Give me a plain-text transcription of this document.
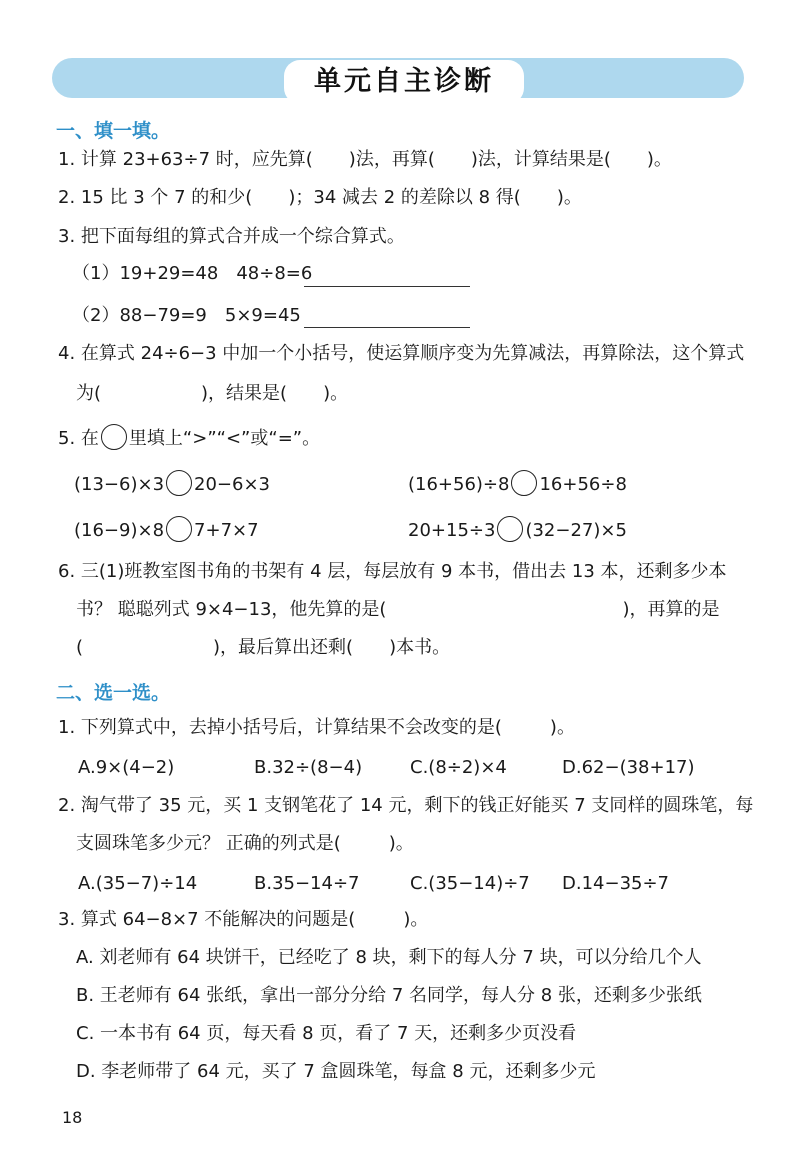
单元自主诊断
一、填一填。
1. 计算 23+63÷7 时，应先算( )法，再算( )法，计算结果是( )。
2. 15 比 3 个 7 的和少( )；34 减去 2 的差除以 8 得( )。
3. 把下面每组的算式合并成一个综合算式。
（1）19+29=48　48÷8=6
（2）88−79=9　5×9=45
4. 在算式 24÷6−3 中加一个小括号，使运算顺序变为先算减法，再算除法，这个算式
为(	)，结果是( )。
5. 在 里填上“>”“<”或“=”。
(13−6)×3 20−6×3	(16+56)÷8 16+56÷8
(16−9)×8 7+7×7	20+15÷3 (32−27)×5
6. 三(1)班教室图书角的书架有 4 层，每层放有 9 本书，借出去 13 本，还剩多少本
书？ 聪聪列式 9×4−13，他先算的是(	)，再算的是
(	)，最后算出还剩( )本书。
二、选一选。
1. 下列算式中，去掉小括号后，计算结果不会改变的是(	)。
A.9×(4−2)	B.32÷(8−4)	C.(8÷2)×4	D.62−(38+17)
2. 淘气带了 35 元，买 1 支钢笔花了 14 元，剩下的钱正好能买 7 支同样的圆珠笔，每
支圆珠笔多少元？ 正确的列式是(	)。
A.(35−7)÷14	B.35−14÷7	C.(35−14)÷7 D.14−35÷7
3. 算式 64−8×7 不能解决的问题是(	)。
A. 刘老师有 64 块饼干，已经吃了 8 块，剩下的每人分 7 块，可以分给几个人
B. 王老师有 64 张纸，拿出一部分分给 7 名同学，每人分 8 张，还剩多少张纸
C. 一本书有 64 页，每天看 8 页，看了 7 天，还剩多少页没看
D. 李老师带了 64 元，买了 7 盒圆珠笔，每盒 8 元，还剩多少元
18
